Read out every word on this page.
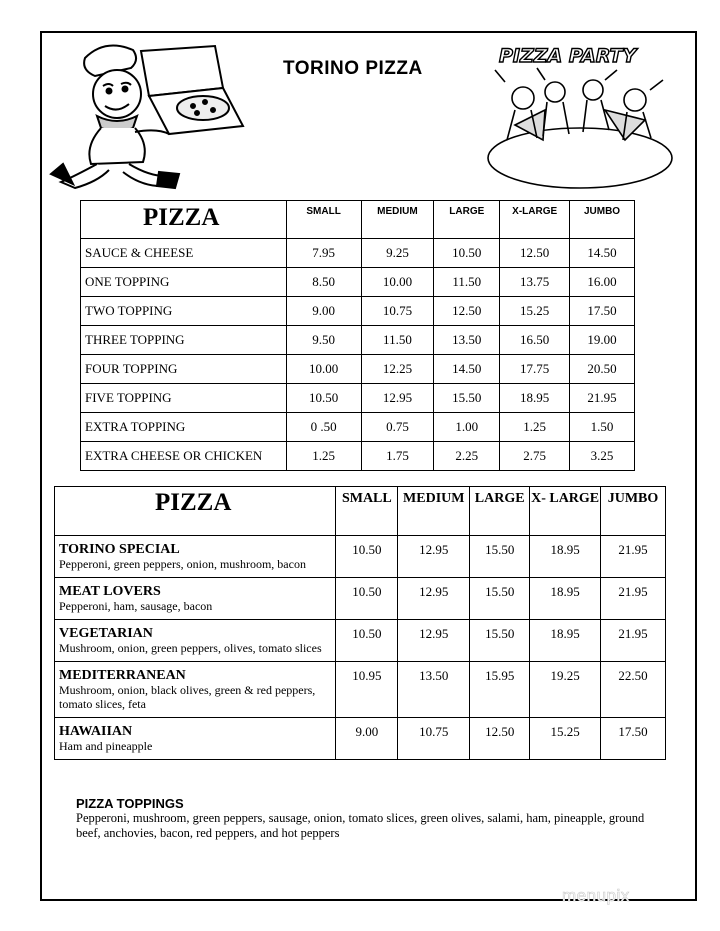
TORINO PIZZA
PIZZA PARTY
PIZZA	SMALL	MEDIUM	LARGE	X-LARGE	JUMBO
SAUCE & CHEESE	7.95	9.25	10.50	12.50	14.50
ONE TOPPING	8.50	10.00	11.50	13.75	16.00
TWO TOPPING	9.00	10.75	12.50	15.25	17.50
THREE TOPPING	9.50	11.50	13.50	16.50	19.00
FOUR TOPPING	10.00	12.25	14.50	17.75	20.50
FIVE TOPPING	10.50	12.95	15.50	18.95	21.95
EXTRA TOPPING	0 .50	0.75	1.00	1.25	1.50
EXTRA CHEESE OR CHICKEN	1.25	1.75	2.25	2.75	3.25
PIZZA	SMALL	MEDIUM	LARGE	X- LARGE	JUMBO

TORINO SPECIAL
Pepperoni, green peppers, onion, mushroom, bacon	10.50	12.95	15.50	18.95	21.95

MEAT LOVERS
Pepperoni, ham, sausage, bacon	10.50	12.95	15.50	18.95	21.95

VEGETARIAN
Mushroom, onion, green peppers, olives, tomato slices	10.50	12.95	15.50	18.95	21.95

MEDITERRANEAN
Mushroom, onion, black olives, green & red peppers, tomato slices, feta	10.95	13.50	15.95	19.25	22.50

HAWAIIAN
Ham and pineapple	9.00	10.75	12.50	15.25	17.50
PIZZA TOPPINGS
Pepperoni, mushroom, green peppers, sausage, onion, tomato slices, green olives, salami, ham, pineapple, ground beef, anchovies, bacon, red peppers, and hot peppers
menupix
